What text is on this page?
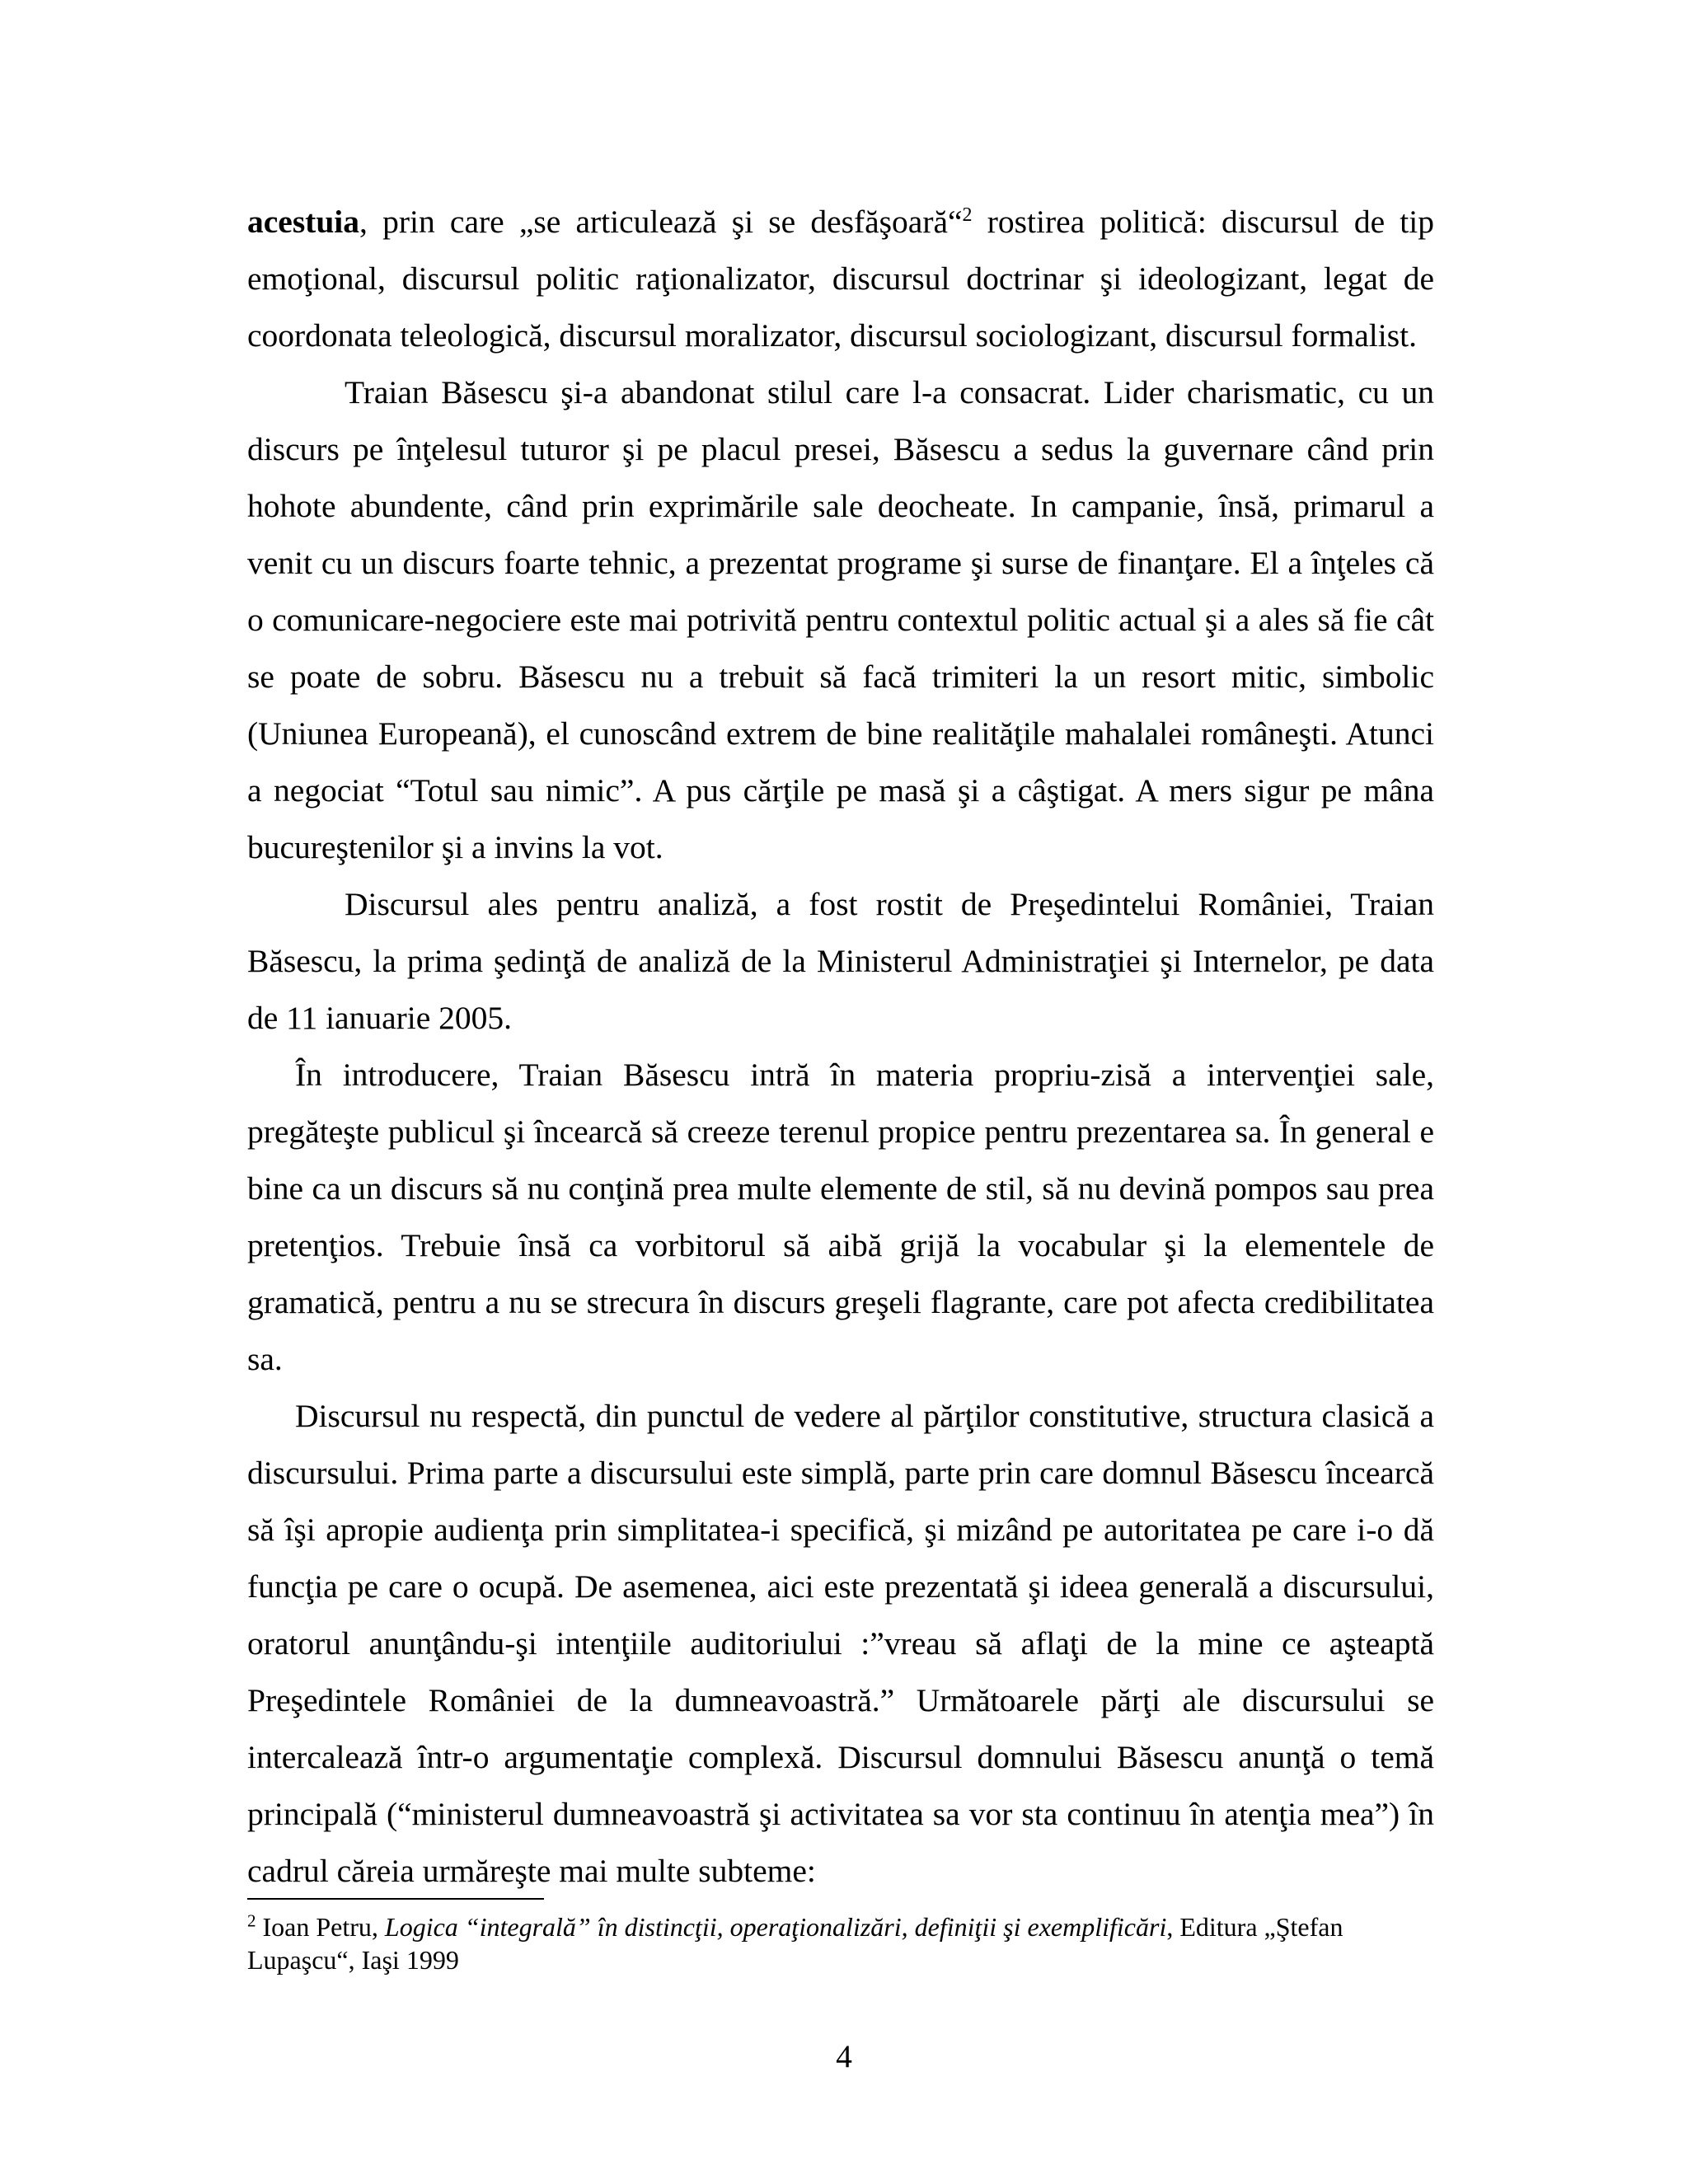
acestuia, prin care „se articulează şi se desfăşoară“$^2$ rostirea politică: discursul de tip emoţional, discursul politic raţionalizator, discursul doctrinar şi ideologizant, legat de coordonata teleologică, discursul moralizator, discursul sociologizant, discursul formalist.

Traian Băsescu şi-a abandonat stilul care l-a consacrat. Lider charismatic, cu un discurs pe înţelesul tuturor şi pe placul presei, Băsescu a sedus la guvernare când prin hohote abundente, când prin exprimările sale deocheate. In campanie, însă, primarul a venit cu un discurs foarte tehnic, a prezentat programe şi surse de finanţare. El a înţeles că o comunicare-negociere este mai potrivită pentru contextul politic actual şi a ales să fie cât se poate de sobru. Băsescu nu a trebuit să facă trimiteri la un resort mitic, simbolic (Uniunea Europeană), el cunoscând extrem de bine realităţile mahalalei româneşti. Atunci a negociat “Totul sau nimic”. A pus cărţile pe masă şi a câştigat. A mers sigur pe mâna bucureştenilor şi a invins la vot.

Discursul ales pentru analiză, a fost rostit de Preşedintelui României, Traian Băsescu, la prima şedinţă de analiză de la Ministerul Administraţiei şi Internelor, pe data de 11 ianuarie 2005.

În introducere, Traian Băsescu intră în materia propriu-zisă a intervenţiei sale, pregăteşte publicul şi încearcă să creeze terenul propice pentru prezentarea sa. În general e bine ca un discurs să nu conţină prea multe elemente de stil, să nu devină pompos sau prea pretenţios. Trebuie însă ca vorbitorul să aibă grijă la vocabular şi la elementele de gramatică, pentru a nu se strecura în discurs greşeli flagrante, care pot afecta credibilitatea sa.

Discursul nu respectă, din punctul de vedere al părţilor constitutive, structura clasică a discursului. Prima parte a discursului este simplă, parte prin care domnul Băsescu încearcă să îşi apropie audienţa prin simplitatea-i specifică, şi mizând pe autoritatea pe care i-o dă funcţia pe care o ocupă. De asemenea, aici este prezentată şi ideea generală a discursului, oratorul anunţându-şi intenţiile auditoriului :”vreau să aflaţi de la mine ce aşteaptă Preşedintele României de la dumneavoastră.” Următoarele părţi ale discursului se intercalează într-o argumentaţie complexă. Discursul domnului Băsescu anunţă o temă principală (“ministerul dumneavoastră şi activitatea sa vor sta continuu în atenţia mea”) în cadrul căreia urmăreşte mai multe subteme:

$^2$ Ioan Petru, Logica “integrală” în distincţii, operaţionalizări, definiţii şi exemplificări, Editura „Ştefan Lupaşcu“, Iaşi 1999
4
